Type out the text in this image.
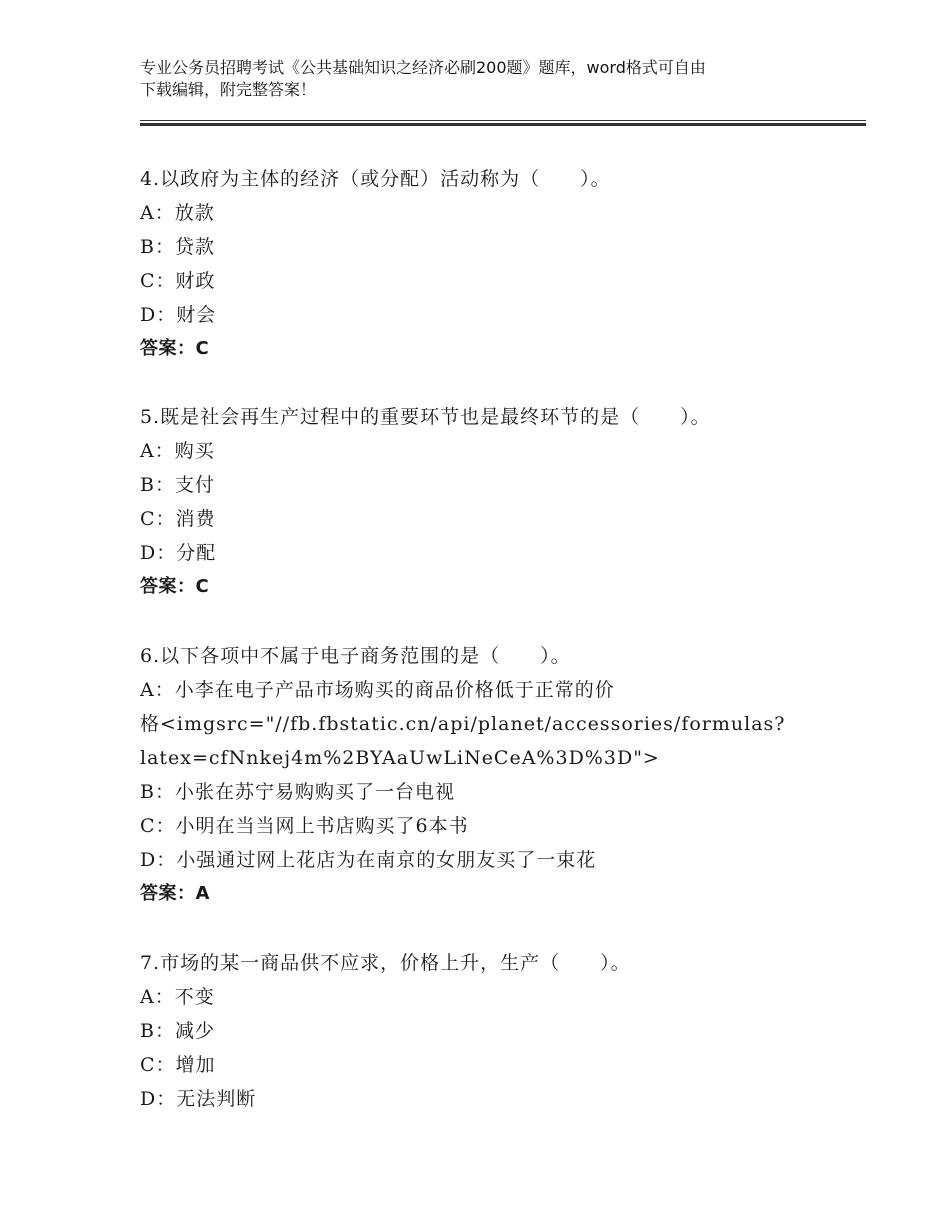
专业公务员招聘考试《公共基础知识之经济必刷200题》题库，word格式可自由
下载编辑，附完整答案！
4.以政府为主体的经济（或分配）活动称为（　　）。
A：放款
B：贷款
C：财政
D：财会
答案：C
5.既是社会再生产过程中的重要环节也是最终环节的是（　　）。
A：购买
B：支付
C：消费
D：分配
答案：C
6.以下各项中不属于电子商务范围的是（　　）。
A：小李在电子产品市场购买的商品价格低于正常的价
格<imgsrc="//fb.fbstatic.cn/api/planet/accessories/formulas?
latex=cfNnkej4m%2BYAaUwLiNeCeA%3D%3D">
B：小张在苏宁易购购买了一台电视
C：小明在当当网上书店购买了6本书
D：小强通过网上花店为在南京的女朋友买了一束花
答案：A
7.市场的某一商品供不应求，价格上升，生产（　　）。
A：不变
B：减少
C：增加
D：无法判断
